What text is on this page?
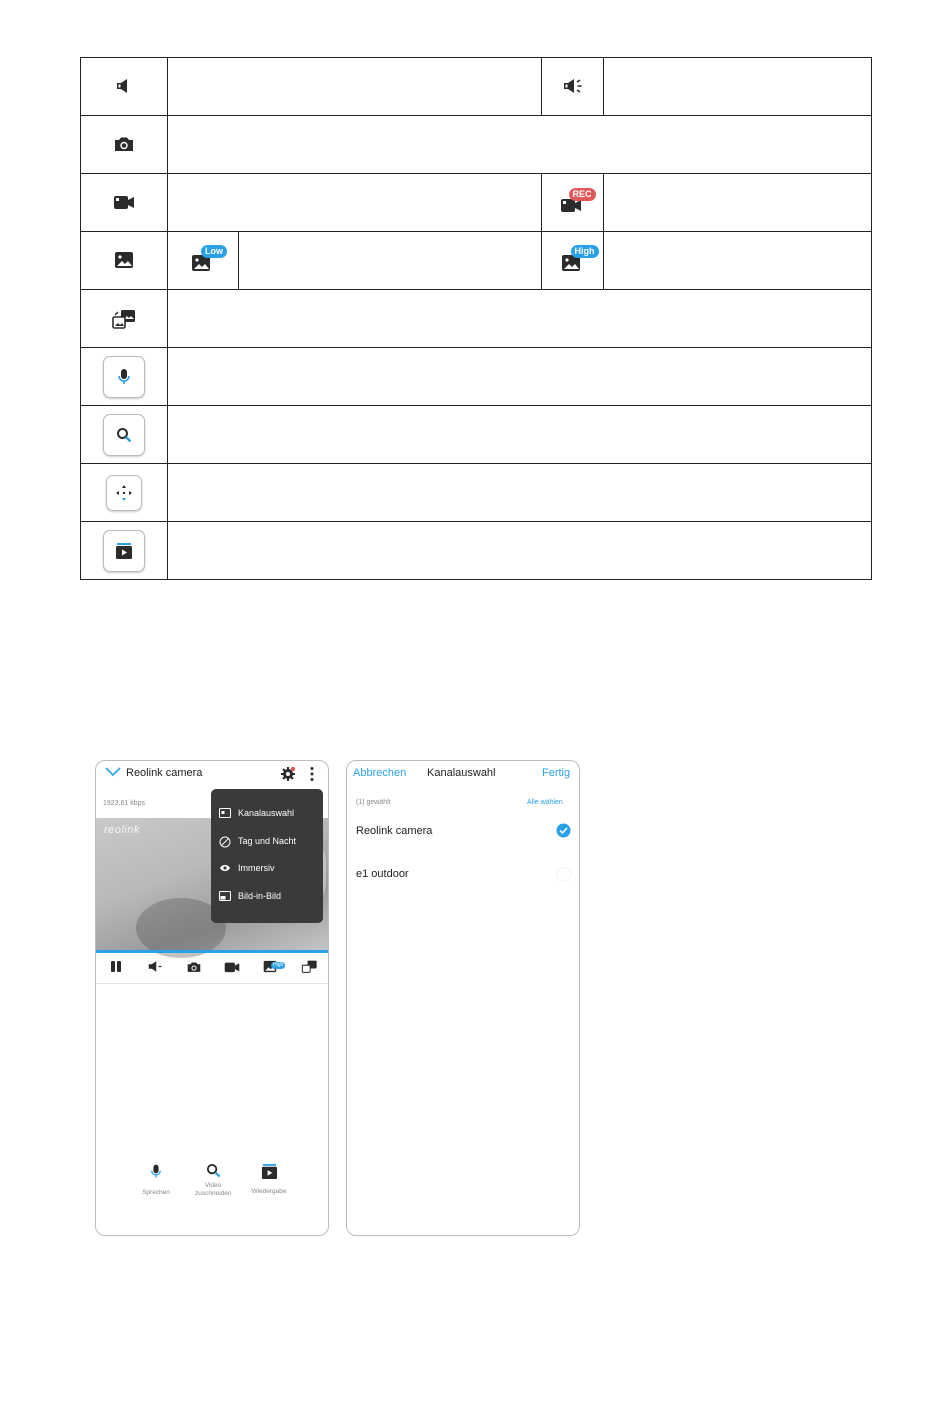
REC	

Low		High	

Reolink camera
1923,61 kbps
reolink
High
Kanalauswahl
Tag und Nacht
Immersiv
Bild-in-Bild
Sprechen
Video zuschneiden	Wiedergabe
Abbrechen Kanalauswahl	Fertig
(1) gewählt	Alle wählen
Reolink camera
e1 outdoor
